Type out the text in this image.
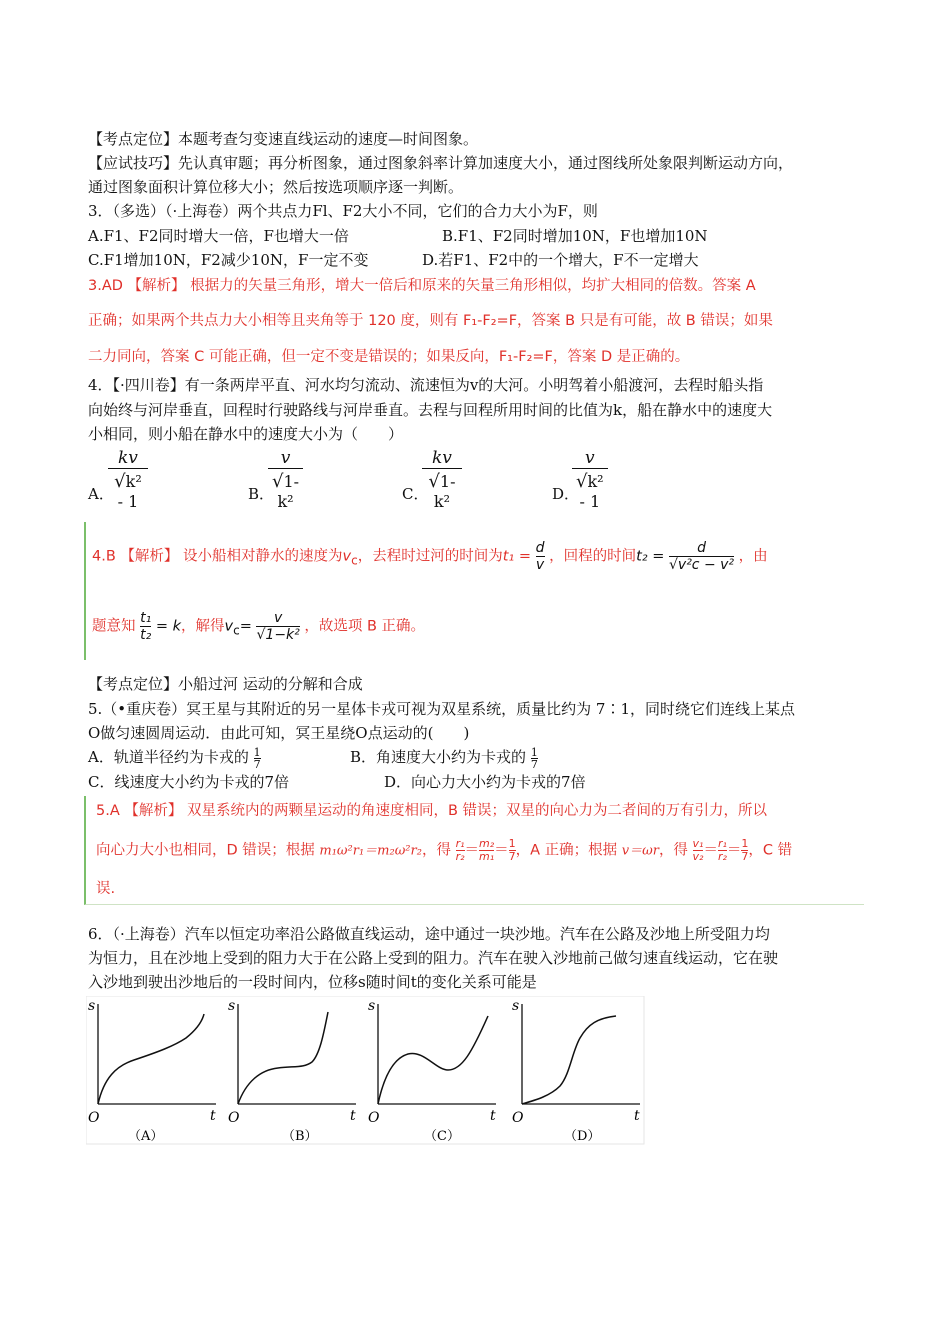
【考点定位】本题考查匀变速直线运动的速度—时间图象。
【应试技巧】先认真审题；再分析图象，通过图象斜率计算加速度大小，通过图线所处象限判断运动方向，
通过图象面积计算位移大小；然后按选项顺序逐一判断。
3．（多选）（·上海卷）两个共点力Fl、F2大小不同，它们的合力大小为F，则
A.F1、F2同时增大一倍，F也增大一倍	B.F1、F2同时增加10N，F也增加10N
C.F1增加10N，F2减少10N，F一定不变	D.若F1、F2中的一个增大，F不一定增大
3.AD 【解析】 根据力的矢量三角形，增大一倍后和原来的矢量三角形相似，均扩大相同的倍数。答案 A
正确；如果两个共点力大小相等且夹角等于 120 度，则有 F₁-F₂=F，答案 B 只是有可能，故 B 错误；如果
二力同向，答案 C 可能正确，但一定不变是错误的；如果反向，F₁-F₂=F，答案 D 是正确的。
4．【·四川卷】有一条两岸平直、河水均匀流动、流速恒为v的大河。小明驾着小船渡河，去程时船头指
向始终与河岸垂直，回程时行驶路线与河岸垂直。去程与回程所用时间的比值为k，船在静水中的速度大
小相同，则小船在静水中的速度大小为（　　）
A．
$\frac{kv}{\text{√k² - 1}}$	B．
$\frac{v}{\text{√1- k²}}$	C．
$\frac{kv}{\text{√1- k²}}$	D．
$\frac{v}{\text{√k² - 1}}$
4.B 【解析】 设小船相对静水的速度为$v_c$，去程时过河的时间为$t_1 = \frac{d}{v}$ ，回程的时间$t_2 = \frac{d}{\text{√v²c − v²}}$ ，由
题意知 $\frac{\text{t₁}}{\text{t₂}} = k$，解得$v_c= \frac{v}{\text{√1−k²}}$ ，故选项 B 正确。
【考点定位】小船过河 运动的分解和合成
5.（•重庆卷）冥王星与其附近的另一星体卡戎可视为双星系统，质量比约为 7∶1，同时绕它们连线上某点
O做匀速圆周运动．由此可知，冥王星绕O点运动的(　　)
A．轨道半径约为卡戎的 $\frac{1}{7}$	B．角速度大小约为卡戎的 $\frac{1}{7}$
C．线速度大小约为卡戎的7倍	D．向心力大小约为卡戎的7倍
5.A 【解析】 双星系统内的两颗星运动的角速度相同，B 错误；双星的向心力为二者间的万有引力，所以
向心力大小也相同，D 错误；根据 m₁ω²r₁＝m₂ω²r₂，得 $\frac{\text{r₁}}{\text{r₂}} = \frac{\text{m₂}}{\text{m₁}} = \frac{1}{7}$ ，A 正确；根据 v＝ωr，得 $\frac{\text{v₁}}{\text{v₂}} = \frac{\text{r₁}}{\text{r₂}} = \frac{1}{7}$ ，C 错
误.
6．（·上海卷）汽车以恒定功率沿公路做直线运动，途中通过一块沙地。汽车在公路及沙地上所受阻力均
为恒力，且在沙地上受到的阻力大于在公路上受到的阻力。汽车在驶入沙地前己做匀速直线运动，它在驶
入沙地到驶出沙地后的一段时间内，位移s随时间t的变化关系可能是
s
O	t
（A）
s
O	t
（B）
s
O	t
（C）
s
O	t
（D）
